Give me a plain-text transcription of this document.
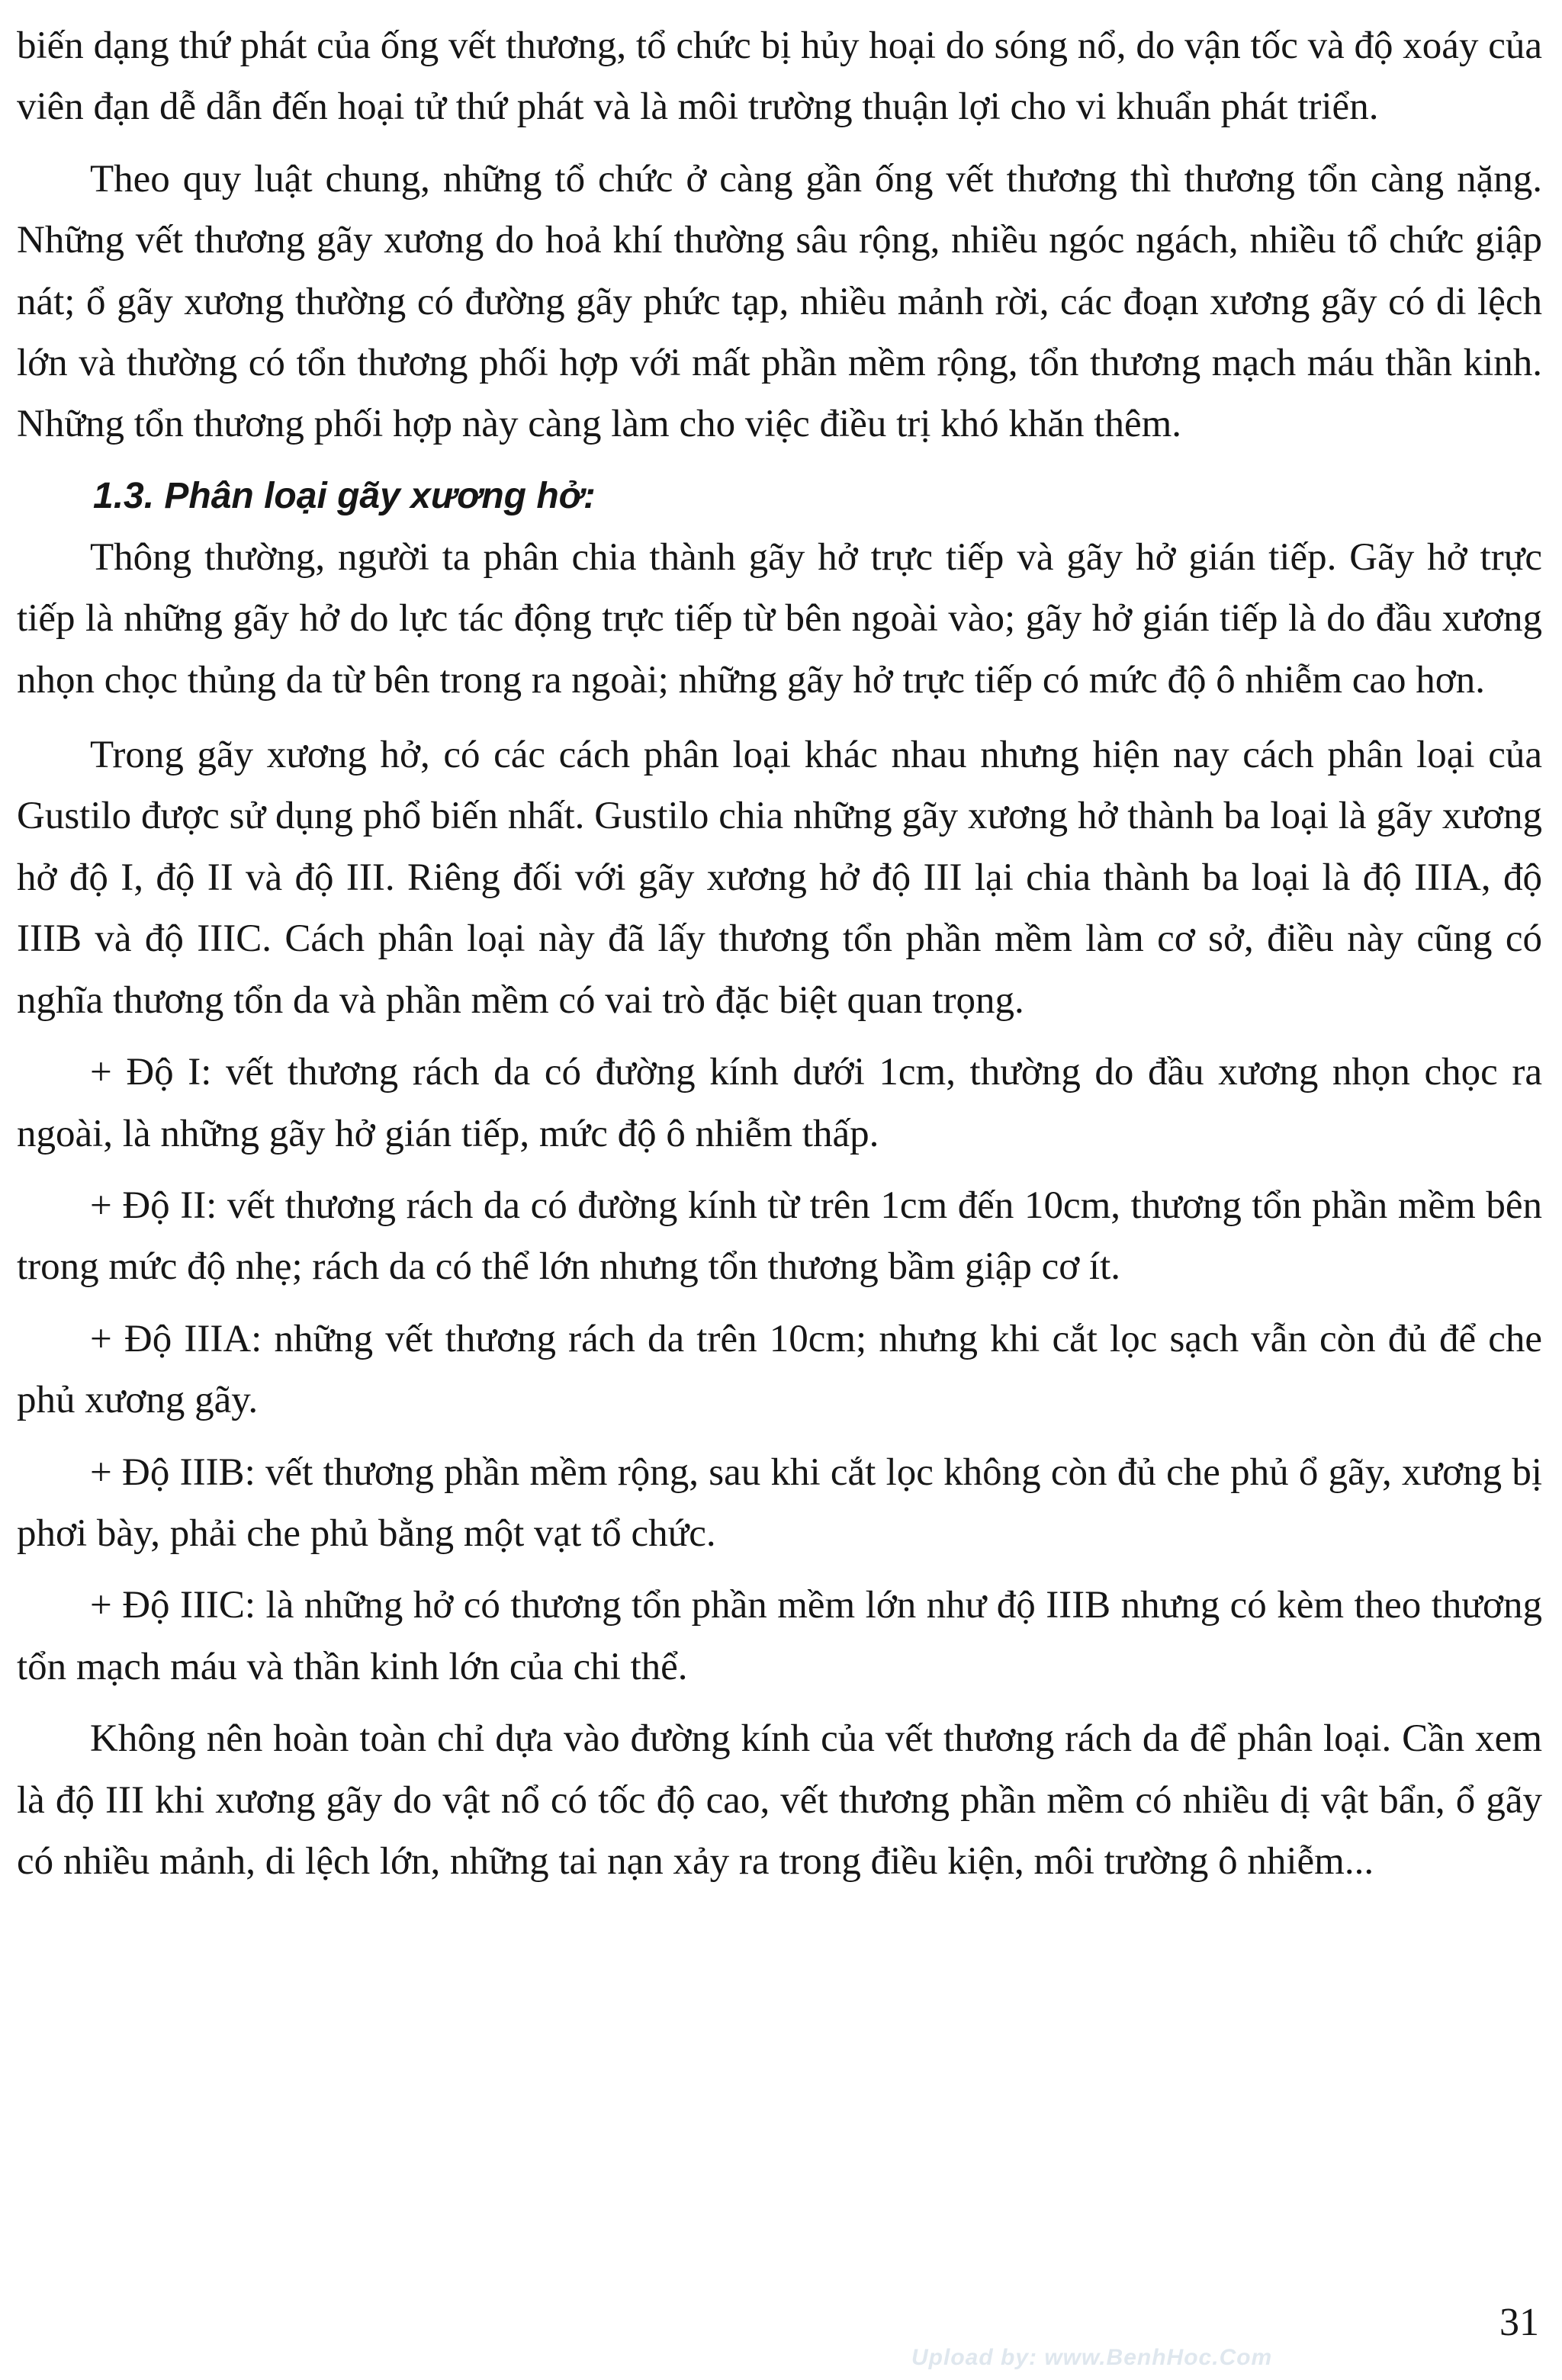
biến dạng thứ phát của ống vết thương, tổ chức bị hủy hoại do sóng nổ, do vận tốc và độ xoáy của viên đạn dễ dẫn đến hoại tử thứ phát và là môi trường thuận lợi cho vi khuẩn phát triển.

Theo quy luật chung, những tổ chức ở càng gần ống vết thương thì thương tổn càng nặng. Những vết thương gãy xương do hoả khí thường sâu rộng, nhiều ngóc ngách, nhiều tổ chức giập nát; ổ gãy xương thường có đường gãy phức tạp, nhiều mảnh rời, các đoạn xương gãy có di lệch lớn và thường có tổn thương phối hợp với mất phần mềm rộng, tổn thương mạch máu thần kinh. Những tổn thương phối hợp này càng làm cho việc điều trị khó khăn thêm.

1.3. Phân loại gãy xương hở:

Thông thường, người ta phân chia thành gãy hở trực tiếp và gãy hở gián tiếp. Gãy hở trực tiếp là những gãy hở do lực tác động trực tiếp từ bên ngoài vào; gãy hở gián tiếp là do đầu xương nhọn chọc thủng da từ bên trong ra ngoài; những gãy hở trực tiếp có mức độ ô nhiễm cao hơn.

Trong gãy xương hở, có các cách phân loại khác nhau nhưng hiện nay cách phân loại của Gustilo được sử dụng phổ biến nhất. Gustilo chia những gãy xương hở thành ba loại là gãy xương hở độ I, độ II và độ III. Riêng đối với gãy xương hở độ III lại chia thành ba loại là độ IIIA, độ IIIB và độ IIIC. Cách phân loại này đã lấy thương tổn phần mềm làm cơ sở, điều này cũng có nghĩa thương tổn da và phần mềm có vai trò đặc biệt quan trọng.

+ Độ I: vết thương rách da có đường kính dưới 1cm, thường do đầu xương nhọn chọc ra ngoài, là những gãy hở gián tiếp, mức độ ô nhiễm thấp.

+ Độ II: vết thương rách da có đường kính từ trên 1cm đến 10cm, thương tổn phần mềm bên trong mức độ nhẹ; rách da có thể lớn nhưng tổn thương bầm giập cơ ít.

+ Độ IIIA: những vết thương rách da trên 10cm; nhưng khi cắt lọc sạch vẫn còn đủ để che phủ xương gãy.

+ Độ IIIB: vết thương phần mềm rộng, sau khi cắt lọc không còn đủ che phủ ổ gãy, xương bị phơi bày, phải che phủ bằng một vạt tổ chức.

+ Độ IIIC: là những hở có thương tổn phần mềm lớn như độ IIIB nhưng có kèm theo thương tổn mạch máu và thần kinh lớn của chi thể.

Không nên hoàn toàn chỉ dựa vào đường kính của vết thương rách da để phân loại. Cần xem là độ III khi xương gãy do vật nổ có tốc độ cao, vết thương phần mềm có nhiều dị vật bẩn, ổ gãy có nhiều mảnh, di lệch lớn, những tai nạn xảy ra trong điều kiện, môi trường ô nhiễm...

Upload by: www.BenhHoc.Com
31
